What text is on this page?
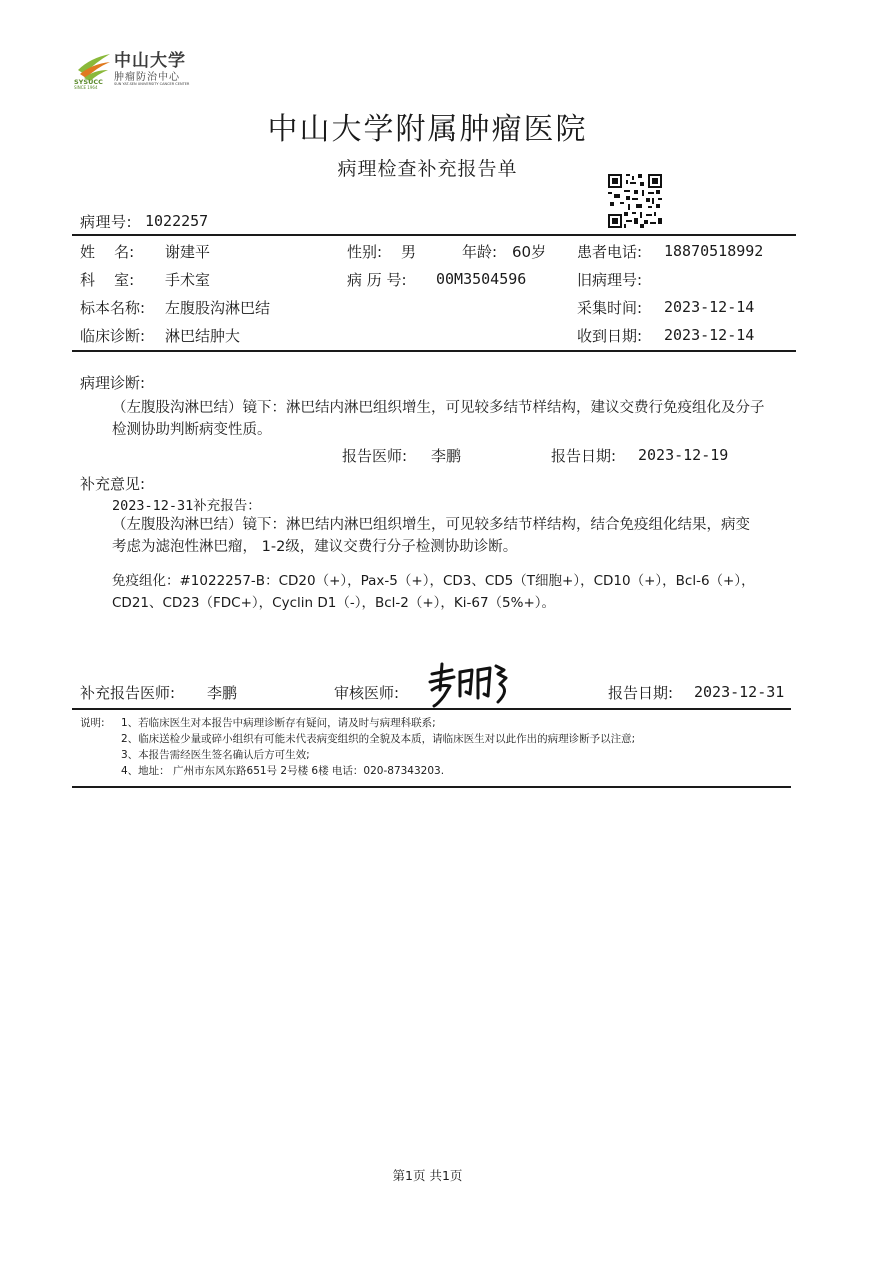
SYSUCC
SINCE 1964
中山大学
肿瘤防治中心
SUN YAT-SEN UNIVERSITY CANCER CENTER
中山大学附属肿瘤医院
病理检查补充报告单
病理号: 1022257
姓    名: 谢建平	性别: 男	年龄: 60岁 患者电话: 18870518992
科    室: 手术室	病 历 号: 00M3504596	旧病理号:
标本名称: 左腹股沟淋巴结	采集时间: 2023-12-14
临床诊断: 淋巴结肿大	收到日期: 2023-12-14
病理诊断:
（左腹股沟淋巴结）镜下：淋巴结内淋巴组织增生，可见较多结节样结构，建议交费行免疫组化及分子检测协助判断病变性质。
报告医师: 李鹏	报告日期: 2023-12-19
补充意见:
2023-12-31补充报告：
（左腹股沟淋巴结）镜下：淋巴结内淋巴组织增生，可见较多结节样结构，结合免疫组化结果，病变考虑为滤泡性淋巴瘤， 1-2级，建议交费行分子检测协助诊断。
免疫组化：#1022257-B：CD20（+），Pax-5（+），CD3、CD5（T细胞+），CD10（+），Bcl-6（+），CD21、CD23（FDC+），Cyclin D1（-），Bcl-2（+），Ki-67（5%+）。
补充报告医师: 李鹏	审核医师:	报告日期: 2023-12-31
说明: 1、若临床医生对本报告中病理诊断存有疑问，请及时与病理科联系;
2、临床送检少量或碎小组织有可能未代表病变组织的全貌及本质，请临床医生对以此作出的病理诊断予以注意;
3、本报告需经医生签名确认后方可生效;
4、地址： 广州市东风东路651号 2号楼 6楼 电话：020-87343203.
第1页 共1页
